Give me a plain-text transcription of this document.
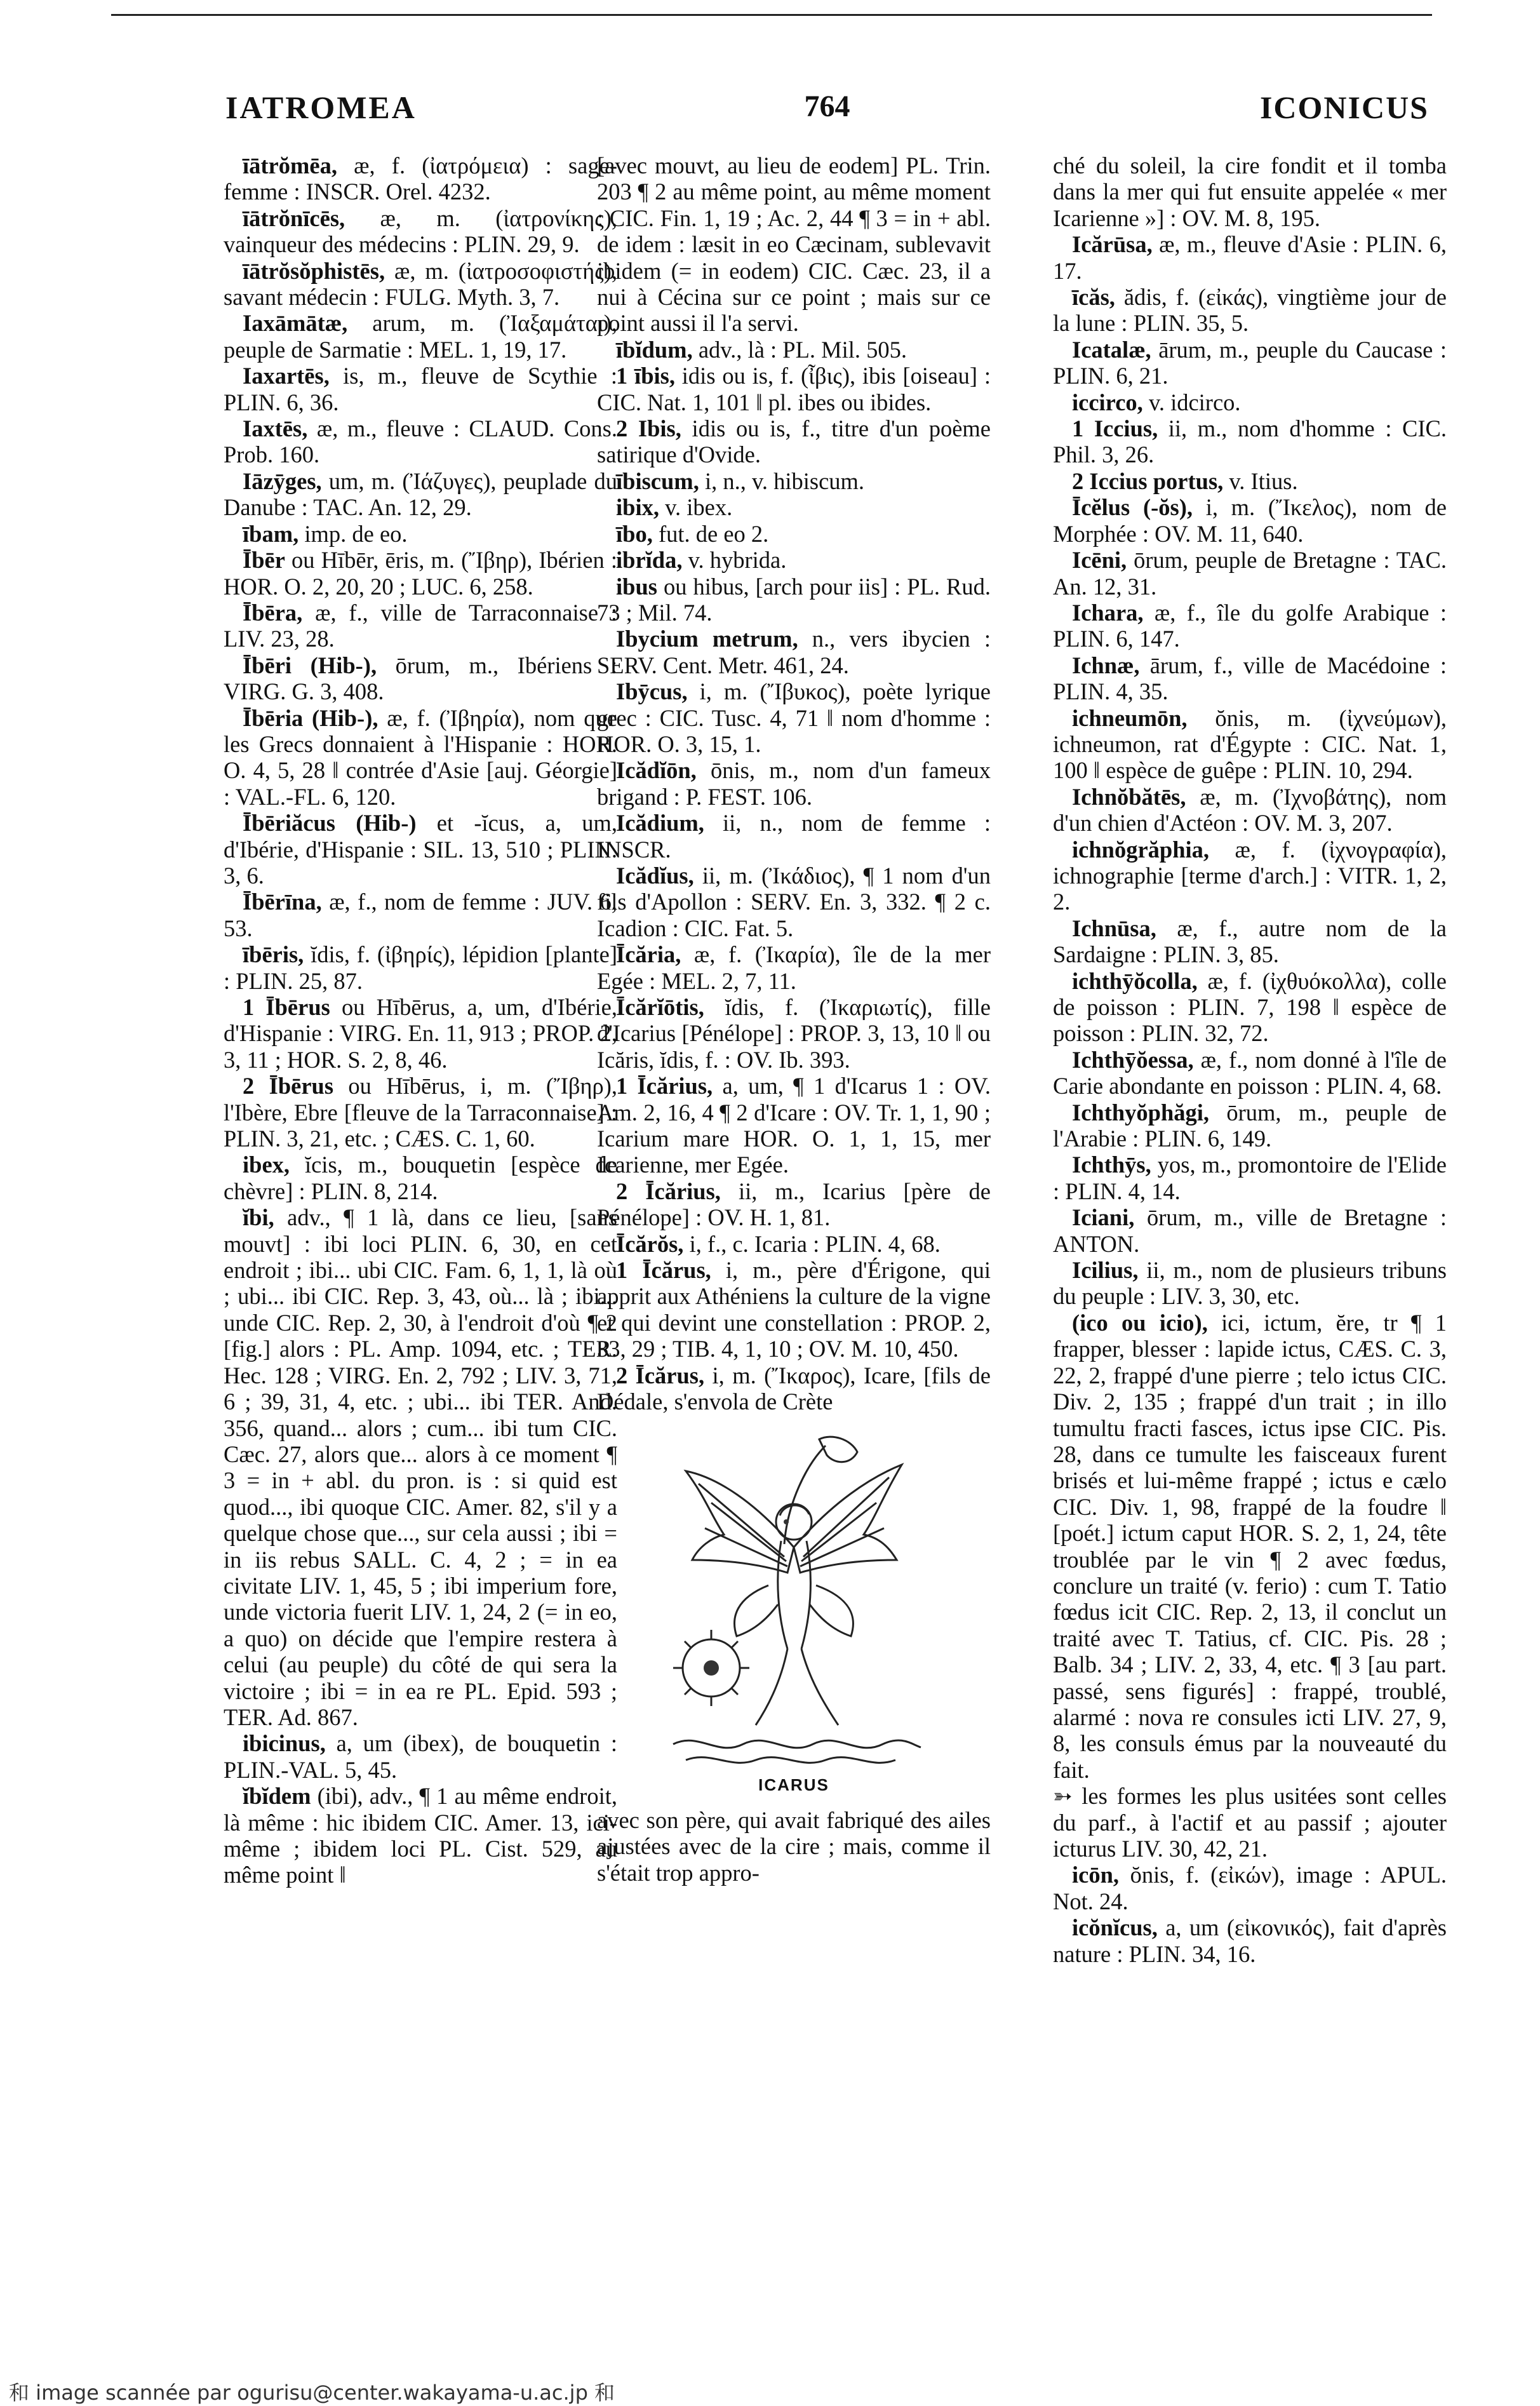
IATROMEA	764	ICONICUS

īātrŏmēa, æ, f. (ἰατρόμεια) : sage-femme : INSCR. Orel. 4232.

īātrŏnīcēs, æ, m. (ἰατρονίκης), vainqueur des médecins : PLIN. 29, 9.

īātrŏsŏphistēs, æ, m. (ἰατροσοφιστής), savant médecin : FULG. Myth. 3, 7.

Iaxāmātæ, arum, m. (Ἰαξαμάται), peuple de Sarmatie : MEL. 1, 19, 17.

Iaxartēs, is, m., fleuve de Scythie : PLIN. 6, 36.

Iaxtēs, æ, m., fleuve : CLAUD. Cons. Prob. 160.

Iāzȳges, um, m. (Ἰάζυγες), peuplade du Danube : TAC. An. 12, 29.

ībam, imp. de eo.

Ībēr ou Hībēr, ēris, m. (Ἴβηρ), Ibérien : HOR. O. 2, 20, 20 ; LUC. 6, 258.

Ībēra, æ, f., ville de Tarraconnaise : LIV. 23, 28.

Ībēri (Hib-), ōrum, m., Ibériens : VIRG. G. 3, 408.

Ībēria (Hib-), æ, f. (Ἰβηρία), nom que les Grecs donnaient à l'Hispanie : HOR. O. 4, 5, 28 ‖ contrée d'Asie [auj. Géorgie] : VAL.-FL. 6, 120.

Ībēriăcus (Hib-) et -ĭcus, a, um, d'Ibérie, d'Hispanie : SIL. 13, 510 ; PLIN. 3, 6.

Ībērīna, æ, f., nom de femme : JUV. 6, 53.

ībēris, ĭdis, f. (ἰβηρίς), lépidion [plante] : PLIN. 25, 87.

1 Ībērus ou Hībērus, a, um, d'Ibérie, d'Hispanie : VIRG. En. 11, 913 ; PROP. 2, 3, 11 ; HOR. S. 2, 8, 46.

2 Ībērus ou Hībērus, i, m. (Ἴβηρ), l'Ibère, Ebre [fleuve de la Tarraconnaise] : PLIN. 3, 21, etc. ; CÆS. C. 1, 60.

ibex, ĭcis, m., bouquetin [espèce de chèvre] : PLIN. 8, 214.

ĭbi, adv., ¶ 1 là, dans ce lieu, [sans mouvt] : ibi loci PLIN. 6, 30, en cet endroit ; ibi... ubi CIC. Fam. 6, 1, 1, là où ; ubi... ibi CIC. Rep. 3, 43, où... là ; ibi... unde CIC. Rep. 2, 30, à l'endroit d'où ¶ 2 [fig.] alors : PL. Amp. 1094, etc. ; TER. Hec. 128 ; VIRG. En. 2, 792 ; LIV. 3, 71, 6 ; 39, 31, 4, etc. ; ubi... ibi TER. And. 356, quand... alors ; cum... ibi tum CIC. Cæc. 27, alors que... alors à ce moment ¶ 3 = in + abl. du pron. is : si quid est quod..., ibi quoque CIC. Amer. 82, s'il y a quelque chose que..., sur cela aussi ; ibi = in iis rebus SALL. C. 4, 2 ; = in ea civitate LIV. 1, 45, 5 ; ibi imperium fore, unde victoria fuerit LIV. 1, 24, 2 (= in eo, a quo) on décide que l'empire restera à celui (au peuple) du côté de qui sera la victoire ; ibi = in ea re PL. Epid. 593 ; TER. Ad. 867.

ibicinus, a, um (ibex), de bouquetin : PLIN.-VAL. 5, 45.

ĭbĭdem (ibi), adv., ¶ 1 au même endroit, là même : hic ibidem CIC. Amer. 13, ici-même ; ibidem loci PL. Cist. 529, au même point ‖

[avec mouvt, au lieu de eodem] PL. Trin. 203 ¶ 2 au même point, au même moment : CIC. Fin. 1, 19 ; Ac. 2, 44 ¶ 3 = in + abl. de idem : læsit in eo Cæcinam, sublevavit ibidem (= in eodem) CIC. Cæc. 23, il a nui à Cécina sur ce point ; mais sur ce point aussi il l'a servi.

ībĭdum, adv., là : PL. Mil. 505.

1 ībis, idis ou is, f. (ἶβις), ibis [oiseau] : CIC. Nat. 1, 101 ‖ pl. ibes ou ibides.

2 Ibis, idis ou is, f., titre d'un poème satirique d'Ovide.

ībiscum, i, n., v. hibiscum.

ibix, v. ibex.

ībo, fut. de eo 2.

ibrĭda, v. hybrida.

ibus ou hibus, [arch pour iis] : PL. Rud. 73 ; Mil. 74.

Ibycium metrum, n., vers ibycien : SERV. Cent. Metr. 461, 24.

Ibȳcus, i, m. (Ἴβυκος), poète lyrique grec : CIC. Tusc. 4, 71 ‖ nom d'homme : HOR. O. 3, 15, 1.

Icădĭōn, ōnis, m., nom d'un fameux brigand : P. FEST. 106.

Icădium, ii, n., nom de femme : INSCR.

Icădĭus, ii, m. (Ἰκάδιος), ¶ 1 nom d'un fils d'Apollon : SERV. En. 3, 332. ¶ 2 c. Icadion : CIC. Fat. 5.

Īcăria, æ, f. (Ἰκαρία), île de la mer Egée : MEL. 2, 7, 11.

Īcărĭōtis, ĭdis, f. (Ἰκαριωτίς), fille d'Icarius [Pénélope] : PROP. 3, 13, 10 ‖ ou Icăris, ĭdis, f. : OV. Ib. 393.

1 Īcărius, a, um, ¶ 1 d'Icarus 1 : OV. Am. 2, 16, 4 ¶ 2 d'Icare : OV. Tr. 1, 1, 90 ; Icarium mare HOR. O. 1, 1, 15, mer Icarienne, mer Egée.

2 Īcărius, ii, m., Icarius [père de Pénélope] : OV. H. 1, 81.

Īcărŏs, i, f., c. Icaria : PLIN. 4, 68.

1 Īcărus, i, m., père d'Érigone, qui apprit aux Athéniens la culture de la vigne et qui devint une constellation : PROP. 2, 33, 29 ; TIB. 4, 1, 10 ; OV. M. 10, 450.

2 Īcărus, i, m. (Ἴκαρος), Icare, [fils de Dédale, s'envola de Crète

ICARUS

avec son père, qui avait fabriqué des ailes ajustées avec de la cire ; mais, comme il s'était trop appro-

ché du soleil, la cire fondit et il tomba dans la mer qui fut ensuite appelée « mer Icarienne »] : OV. M. 8, 195.

Icărūsa, æ, m., fleuve d'Asie : PLIN. 6, 17.

īcăs, ădis, f. (εἰκάς), vingtième jour de la lune : PLIN. 35, 5.

Icatalæ, ārum, m., peuple du Caucase : PLIN. 6, 21.

iccirco, v. idcirco.

1 Iccius, ii, m., nom d'homme : CIC. Phil. 3, 26.

2 Iccius portus, v. Itius.

Īcĕlus (-ŏs), i, m. (Ἴκελος), nom de Morphée : OV. M. 11, 640.

Icēni, ōrum, peuple de Bretagne : TAC. An. 12, 31.

Ichara, æ, f., île du golfe Arabique : PLIN. 6, 147.

Ichnæ, ārum, f., ville de Macédoine : PLIN. 4, 35.

ichneumōn, ŏnis, m. (ἰχνεύμων), ichneumon, rat d'Égypte : CIC. Nat. 1, 100 ‖ espèce de guêpe : PLIN. 10, 294.

Ichnŏbătēs, æ, m. (Ἰχνοβάτης), nom d'un chien d'Actéon : OV. M. 3, 207.

ichnŏgrăphia, æ, f. (ἰχνογραφία), ichnographie [terme d'arch.] : VITR. 1, 2, 2.

Ichnūsa, æ, f., autre nom de la Sardaigne : PLIN. 3, 85.

ichthȳŏcolla, æ, f. (ἰχθυόκολλα), colle de poisson : PLIN. 7, 198 ‖ espèce de poisson : PLIN. 32, 72.

Ichthȳŏessa, æ, f., nom donné à l'île de Carie abondante en poisson : PLIN. 4, 68.

Ichthyŏphăgi, ōrum, m., peuple de l'Arabie : PLIN. 6, 149.

Ichthȳs, yos, m., promontoire de l'Elide : PLIN. 4, 14.

Iciani, ōrum, m., ville de Bretagne : ANTON.

Icilius, ii, m., nom de plusieurs tribuns du peuple : LIV. 3, 30, etc.

(ico ou icio), ici, ictum, ĕre, tr ¶ 1 frapper, blesser : lapide ictus, CÆS. C. 3, 22, 2, frappé d'une pierre ; telo ictus CIC. Div. 2, 135 ; frappé d'un trait ; in illo tumultu fracti fasces, ictus ipse CIC. Pis. 28, dans ce tumulte les faisceaux furent brisés et lui-même frappé ; ictus e cælo CIC. Div. 1, 98, frappé de la foudre ‖ [poét.] ictum caput HOR. S. 2, 1, 24, tête troublée par le vin ¶ 2 avec fœdus, conclure un traité (v. ferio) : cum T. Tatio fœdus icit CIC. Rep. 2, 13, il conclut un traité avec T. Tatius, cf. CIC. Pis. 28 ; Balb. 34 ; LIV. 2, 33, 4, etc. ¶ 3 [au part. passé, sens figurés] : frappé, troublé, alarmé : nova re consules icti LIV. 27, 9, 8, les consuls émus par la nouveauté du fait.

➳ les formes les plus usitées sont celles du parf., à l'actif et au passif ; ajouter icturus LIV. 30, 42, 21.

icōn, ŏnis, f. (εἰκών), image : APUL. Not. 24.

icŏnĭcus, a, um (εἰκονικός), fait d'après nature : PLIN. 34, 16.

和 image scannée par ogurisu@center.wakayama-u.ac.jp 和
